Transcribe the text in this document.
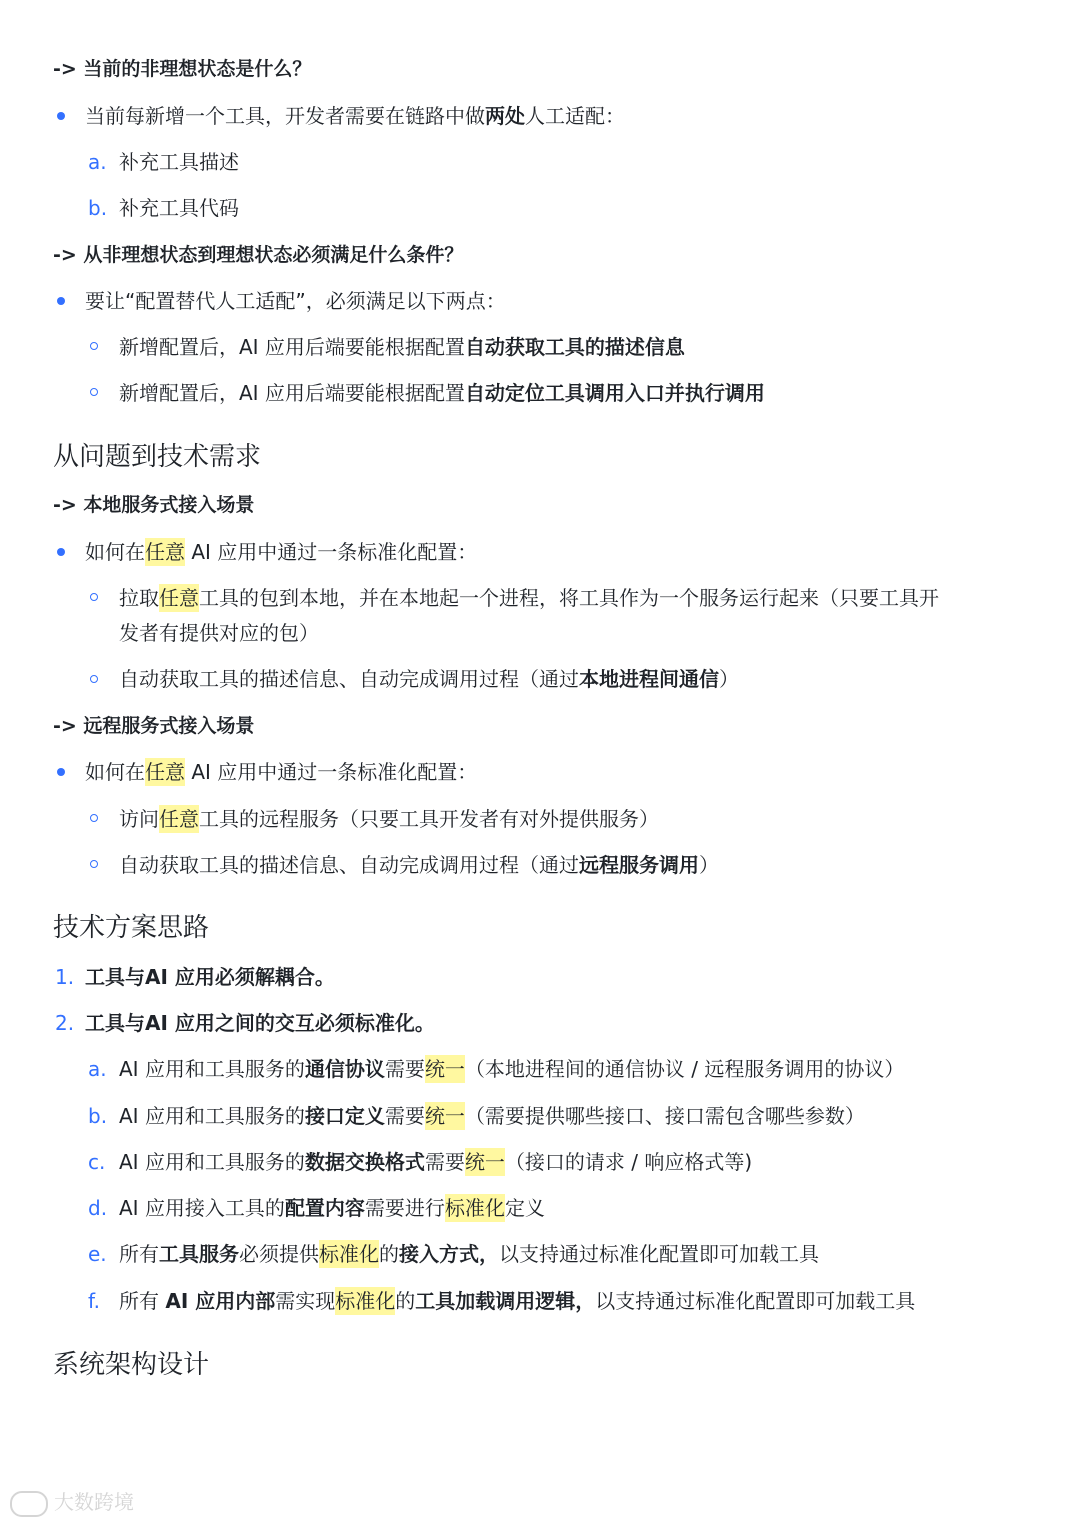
-> 当前的非理想状态是什么？
当前每新增一个工具，开发者需要在链路中做两处人工适配：
a. 补充工具描述
b. 补充工具代码
-> 从非理想状态到理想状态必须满足什么条件？
要让“配置替代人工适配”，必须满足以下两点：
新增配置后，AI 应用后端要能根据配置自动获取工具的描述信息
新增配置后，AI 应用后端要能根据配置自动定位工具调用入口并执行调用
从问题到技术需求
-> 本地服务式接入场景
如何在任意 AI 应用中通过一条标准化配置：
拉取任意工具的包到本地，并在本地起一个进程，将工具作为一个服务运行起来（只要工具开
发者有提供对应的包）
自动获取工具的描述信息、自动完成调用过程（通过本地进程间通信）
-> 远程服务式接入场景
如何在任意 AI 应用中通过一条标准化配置：
访问任意工具的远程服务（只要工具开发者有对外提供服务）
自动获取工具的描述信息、自动完成调用过程（通过远程服务调用）
技术方案思路
1. 工具与AI 应用必须解耦合。
2. 工具与AI 应用之间的交互必须标准化。
a. AI 应用和工具服务的通信协议需要统一（本地进程间的通信协议 / 远程服务调用的协议）
b. AI 应用和工具服务的接口定义需要统一（需要提供哪些接口、接口需包含哪些参数）
c. AI 应用和工具服务的数据交换格式需要统一（接口的请求 / 响应格式等)
d. AI 应用接入工具的配置内容需要进行标准化定义
e. 所有工具服务必须提供标准化的接入方式，以支持通过标准化配置即可加载工具
f. 所有 AI 应用内部需实现标准化的工具加载调用逻辑，以支持通过标准化配置即可加载工具
系统架构设计
大数跨境
